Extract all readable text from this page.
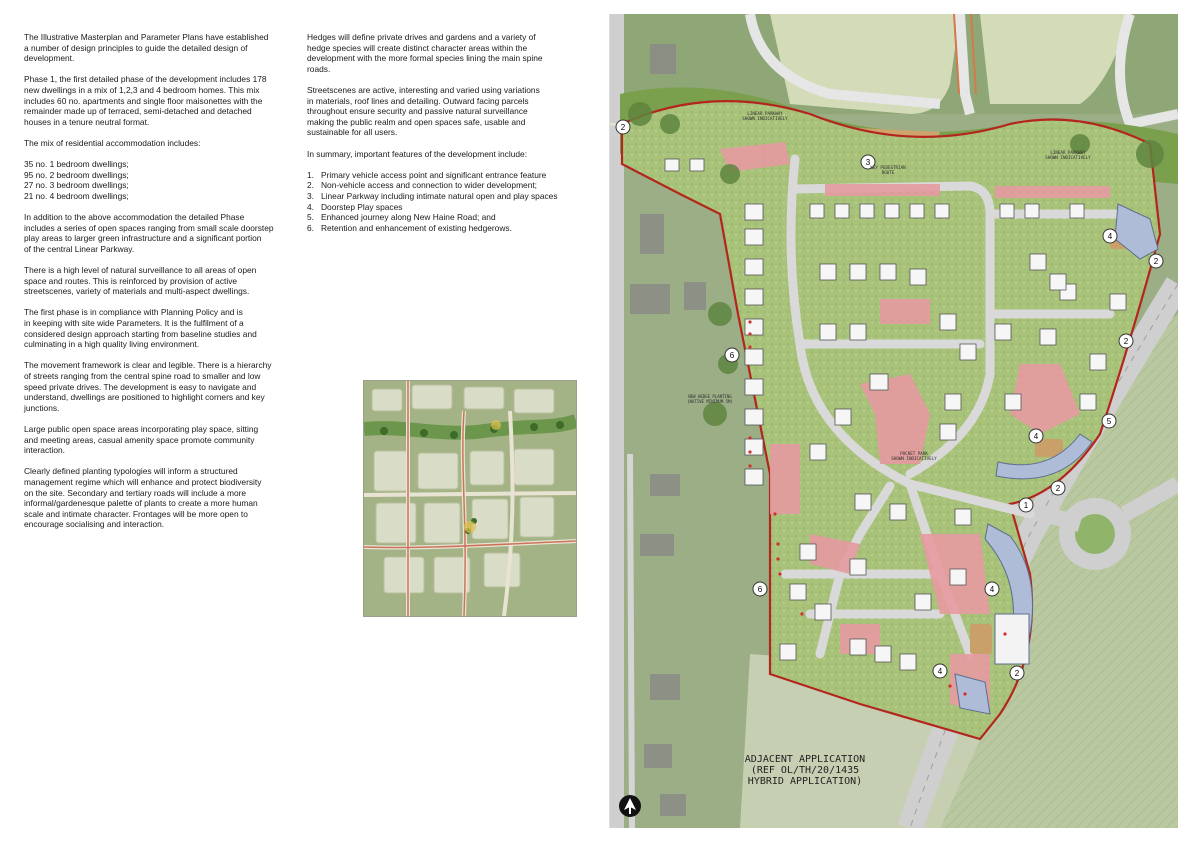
The Illustrative Masterplan and Parameter Plans have established
a number of design principles to guide the detailed design of
development.

Phase 1, the first detailed phase of the development includes 178
new dwellings in a mix of 1,2,3 and 4 bedroom homes. This mix
includes 60 no. apartments and single floor maisonettes with the
remainder made up of terraced, semi-detached and detached
houses in a tenure neutral format.

The mix of residential accommodation includes:

35 no. 1 bedroom dwellings;
95 no. 2 bedroom dwellings;
27 no. 3 bedroom dwellings;
21 no. 4 bedroom dwellings;

In addition to the above accommodation the detailed Phase
includes a series of open spaces ranging from small scale doorstep
play areas to larger green infrastructure and a significant portion
of the central Linear Parkway.

There is a high level of natural surveillance to all areas of open
space and routes. This is reinforced by provision of active
streetscenes, variety of materials and multi-aspect dwellings.

The first phase is in compliance with Planning Policy and is
in keeping with site wide Parameters. It is the fulfilment of a
considered design approach starting from baseline studies and
culminating in a high quality living environment.

The movement framework is clear and legible. There is a hierarchy
of streets ranging from the central spine road to smaller and low
speed private drives. The development is easy to navigate and
understand, dwellings are positioned to highlight corners and key
junctions.

Large public open space areas incorporating play space, sitting
and meeting areas, casual amenity space promote community
interaction.

Clearly defined planting typologies will inform a structured
management regime which will enhance and protect biodiversity
on the site. Secondary and tertiary roads will include a more
informal/gardenesque palette of plants to create a more human
scale and intimate character. Frontages will be more open to
encourage socialising and interaction.

Hedges will define private drives and gardens and a variety of
hedge species will create distinct character areas within the
development with the more formal species lining the main spine
roads.

Streetscenes are active, interesting and varied using variations
in materials, roof lines and detailing. Outward facing parcels
throughout ensure security and passive natural surveillance
making the public realm and open spaces safe, usable and
sustainable for all users.

In summary, important features of the development include:

1. Primary vehicle access point and significant entrance feature
2. Non-vehicle access and connection to wider development;
3. Linear Parkway including intimate natural open and play spaces
4. Doorstep Play spaces
5. Enhanced journey along New Haine Road; and
6. Retention and enhancement of existing hedgerows.
2
3
4
2
2
6
5
4
2
1
6	4
4	2
LINEAR PARKWAY
SHOWN INDICATIVELY
LINEAR PARKWAY
SHOWN INDICATIVELY
KEY PEDESTRIAN
ROUTE
NEW HEDGE PLANTING
(NATIVE MINIMUM 5M)
POCKET PARK
SHOWN INDICATIVELY
ADJACENT APPLICATION
(REF OL/TH/20/1435
HYBRID APPLICATION)
